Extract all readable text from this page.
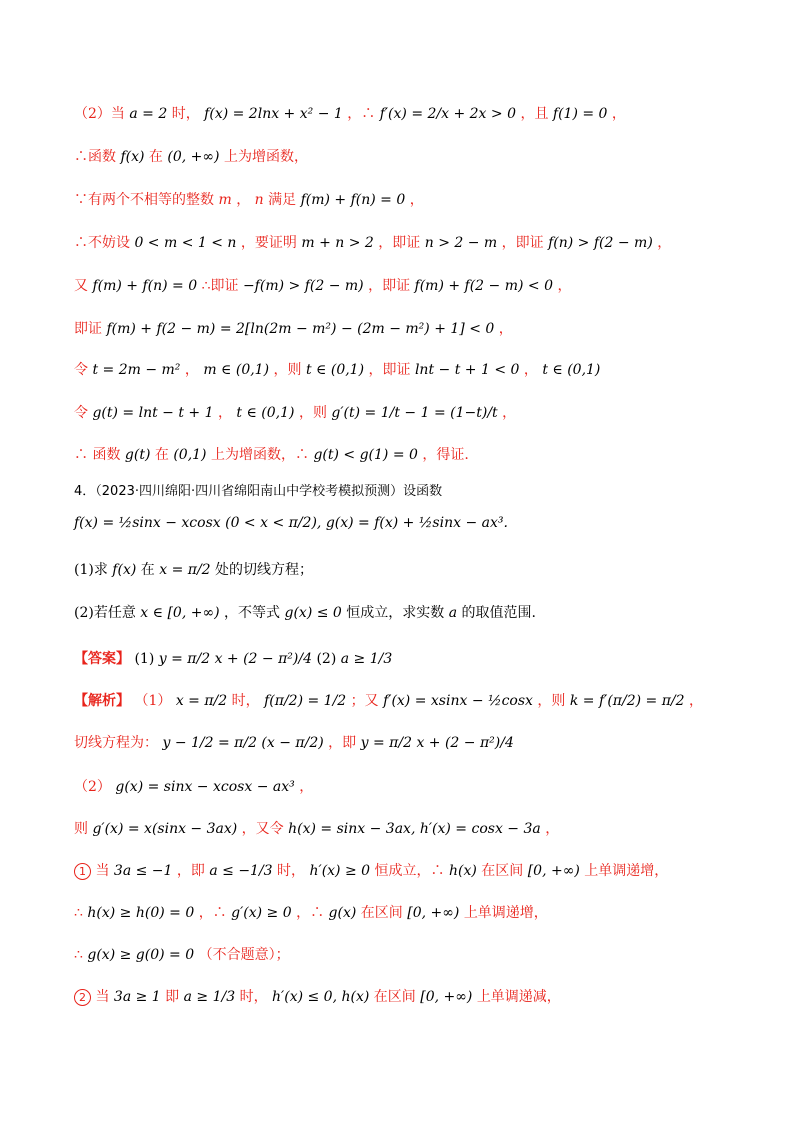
（2）当 a = 2 时， f(x) = 2lnx + x² − 1 ，∴ f′(x) = 2/x + 2x > 0 ，且 f(1) = 0 ，
∴函数 f(x) 在 (0, +∞) 上为增函数，
∵有两个不相等的整数 m ， n 满足 f(m) + f(n) = 0 ，
∴不妨设 0 < m < 1 < n ，要证明 m + n > 2 ，即证 n > 2 − m ，即证 f(n) > f(2 − m) ，
又 f(m) + f(n) = 0 ∴即证 −f(m) > f(2 − m) ，即证 f(m) + f(2 − m) < 0 ，
即证 f(m) + f(2 − m) = 2[ln(2m − m²) − (2m − m²) + 1] < 0 ，
令 t = 2m − m² ， m ∈ (0,1) ，则 t ∈ (0,1) ，即证 lnt − t + 1 < 0 ， t ∈ (0,1)
令 g(t) = lnt − t + 1 ， t ∈ (0,1) ，则 g′(t) = 1/t − 1 = (1−t)/t ，
∴ 函数 g(t) 在 (0,1) 上为增函数，∴ g(t) < g(1) = 0 ，得证.
4．（2023·四川绵阳·四川省绵阳南山中学校考模拟预测）设函数
f(x) = ½sinx − xcosx (0 < x < π/2), g(x) = f(x) + ½sinx − ax³.
(1)求 f(x) 在 x = π/2 处的切线方程；
(2)若任意 x ∈ [0, +∞) ，不等式 g(x) ≤ 0 恒成立，求实数 a 的取值范围.
【答案】 (1) y = π/2 x + (2 − π²)/4 (2) a ≥ 1/3
【解析】 （1） x = π/2 时， f(π/2) = 1/2 ；又 f′(x) = xsinx − ½cosx ，则 k = f′(π/2) = π/2 ，
切线方程为： y − 1/2 = π/2 (x − π/2) ，即 y = π/2 x + (2 − π²)/4
（2） g(x) = sinx − xcosx − ax³ ，
则 g′(x) = x(sinx − 3ax) ，又令 h(x) = sinx − 3ax, h′(x) = cosx − 3a ，
1 当 3a ≤ −1 ，即 a ≤ −1/3 时， h′(x) ≥ 0 恒成立，∴ h(x) 在区间 [0, +∞) 上单调递增，
∴ h(x) ≥ h(0) = 0 ，∴ g′(x) ≥ 0 ，∴ g(x) 在区间 [0, +∞) 上单调递增，
∴ g(x) ≥ g(0) = 0 （不合题意）；
2 当 3a ≥ 1 即 a ≥ 1/3 时， h′(x) ≤ 0, h(x) 在区间 [0, +∞) 上单调递减，
